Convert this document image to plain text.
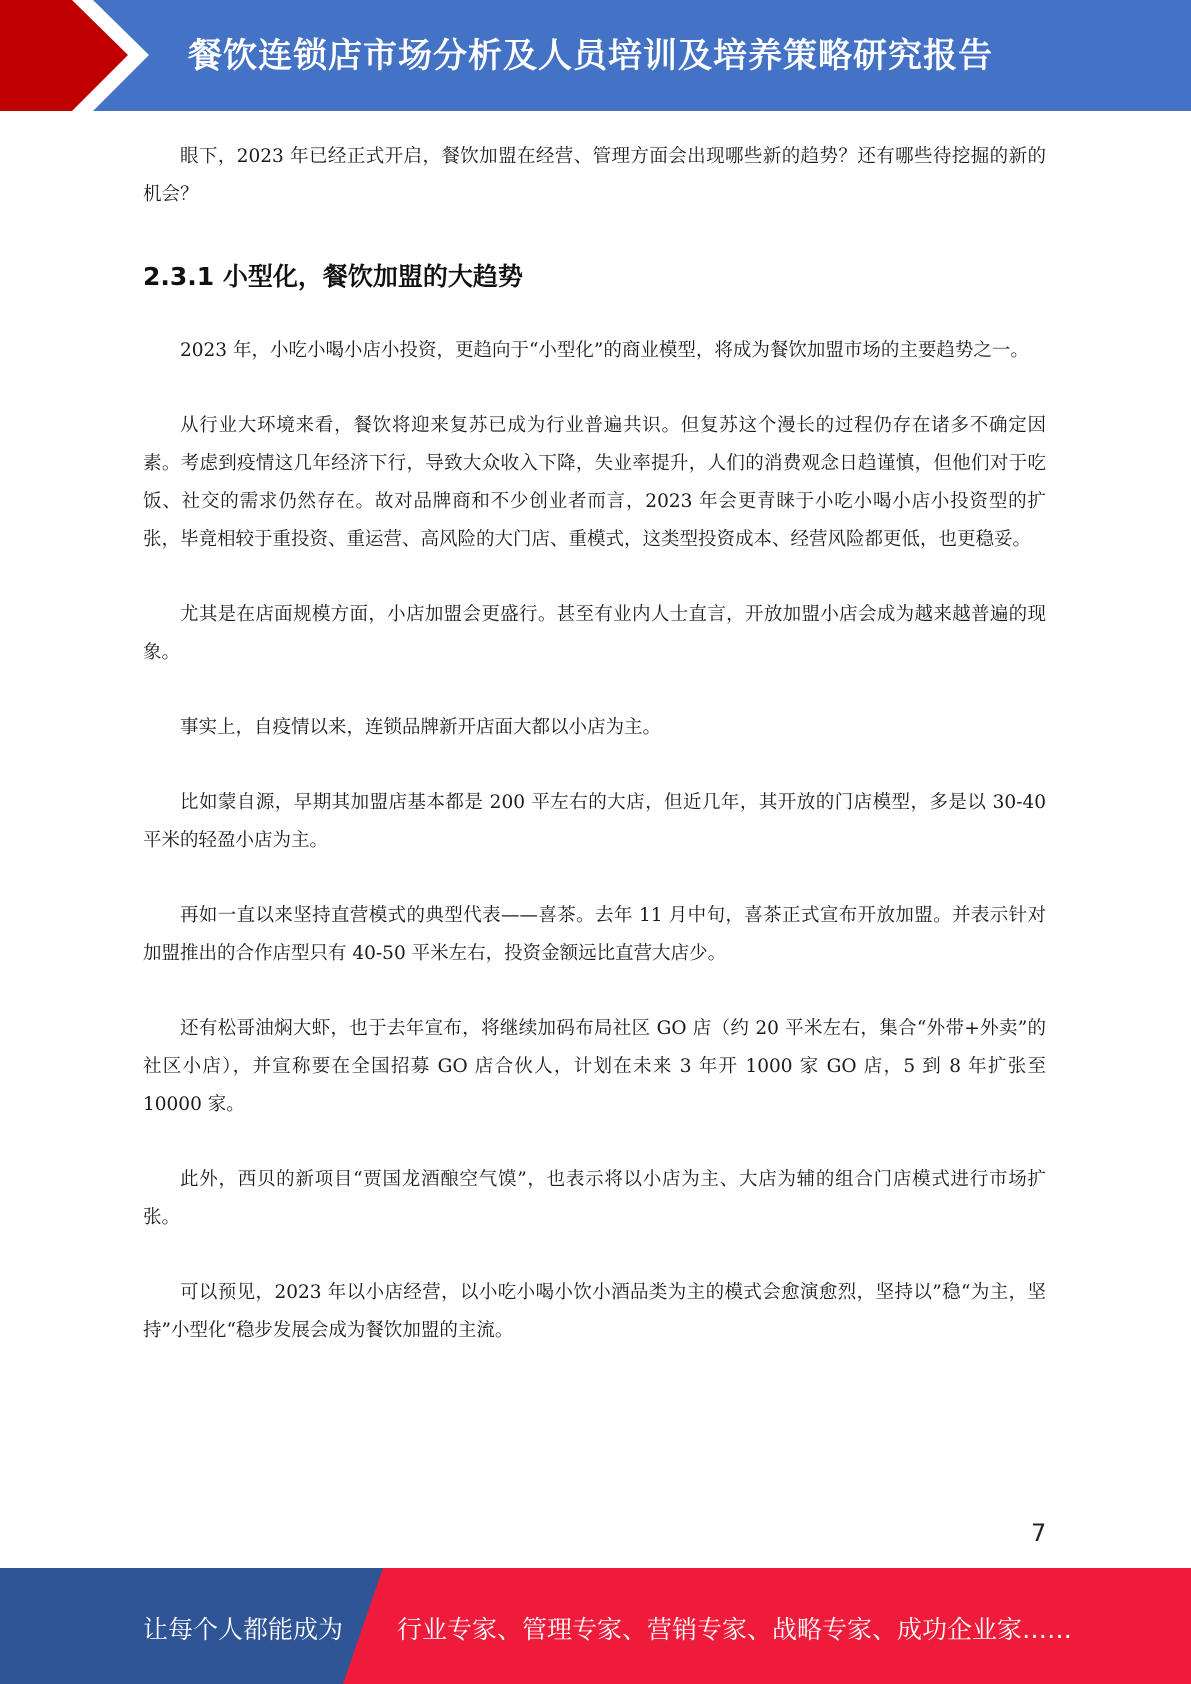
餐饮连锁店市场分析及人员培训及培养策略研究报告

眼下，2023 年已经正式开启，餐饮加盟在经营、管理方面会出现哪些新的趋势？还有哪些待挖掘的新的机会？

2.3.1 小型化，餐饮加盟的大趋势

2023 年，小吃小喝小店小投资，更趋向于“小型化”的商业模型，将成为餐饮加盟市场的主要趋势之一。

从行业大环境来看，餐饮将迎来复苏已成为行业普遍共识。但复苏这个漫长的过程仍存在诸多不确定因素。考虑到疫情这几年经济下行，导致大众收入下降，失业率提升，人们的消费观念日趋谨慎，但他们对于吃饭、社交的需求仍然存在。故对品牌商和不少创业者而言，2023 年会更青睐于小吃小喝小店小投资型的扩张，毕竟相较于重投资、重运营、高风险的大门店、重模式，这类型投资成本、经营风险都更低，也更稳妥。

尤其是在店面规模方面，小店加盟会更盛行。甚至有业内人士直言，开放加盟小店会成为越来越普遍的现象。

事实上，自疫情以来，连锁品牌新开店面大都以小店为主。

比如蒙自源，早期其加盟店基本都是 200 平左右的大店，但近几年，其开放的门店模型，多是以 30-40 平米的轻盈小店为主。

再如一直以来坚持直营模式的典型代表——喜茶。去年 11 月中旬，喜茶正式宣布开放加盟。并表示针对加盟推出的合作店型只有 40-50 平米左右，投资金额远比直营大店少。

还有松哥油焖大虾，也于去年宣布，将继续加码布局社区 GO 店（约 20 平米左右，集合“外带+外卖”的社区小店），并宣称要在全国招募 GO 店合伙人，计划在未来 3 年开 1000 家 GO 店，5 到 8 年扩张至 10000 家。

此外，西贝的新项目“贾国龙酒酿空气馍”，也表示将以小店为主、大店为辅的组合门店模式进行市场扩张。

可以预见，2023 年以小店经营，以小吃小喝小饮小酒品类为主的模式会愈演愈烈，坚持以”稳“为主，坚持”小型化“稳步发展会成为餐饮加盟的主流。

7
让每个人都能成为 行业专家、管理专家、营销专家、战略专家、成功企业家……
